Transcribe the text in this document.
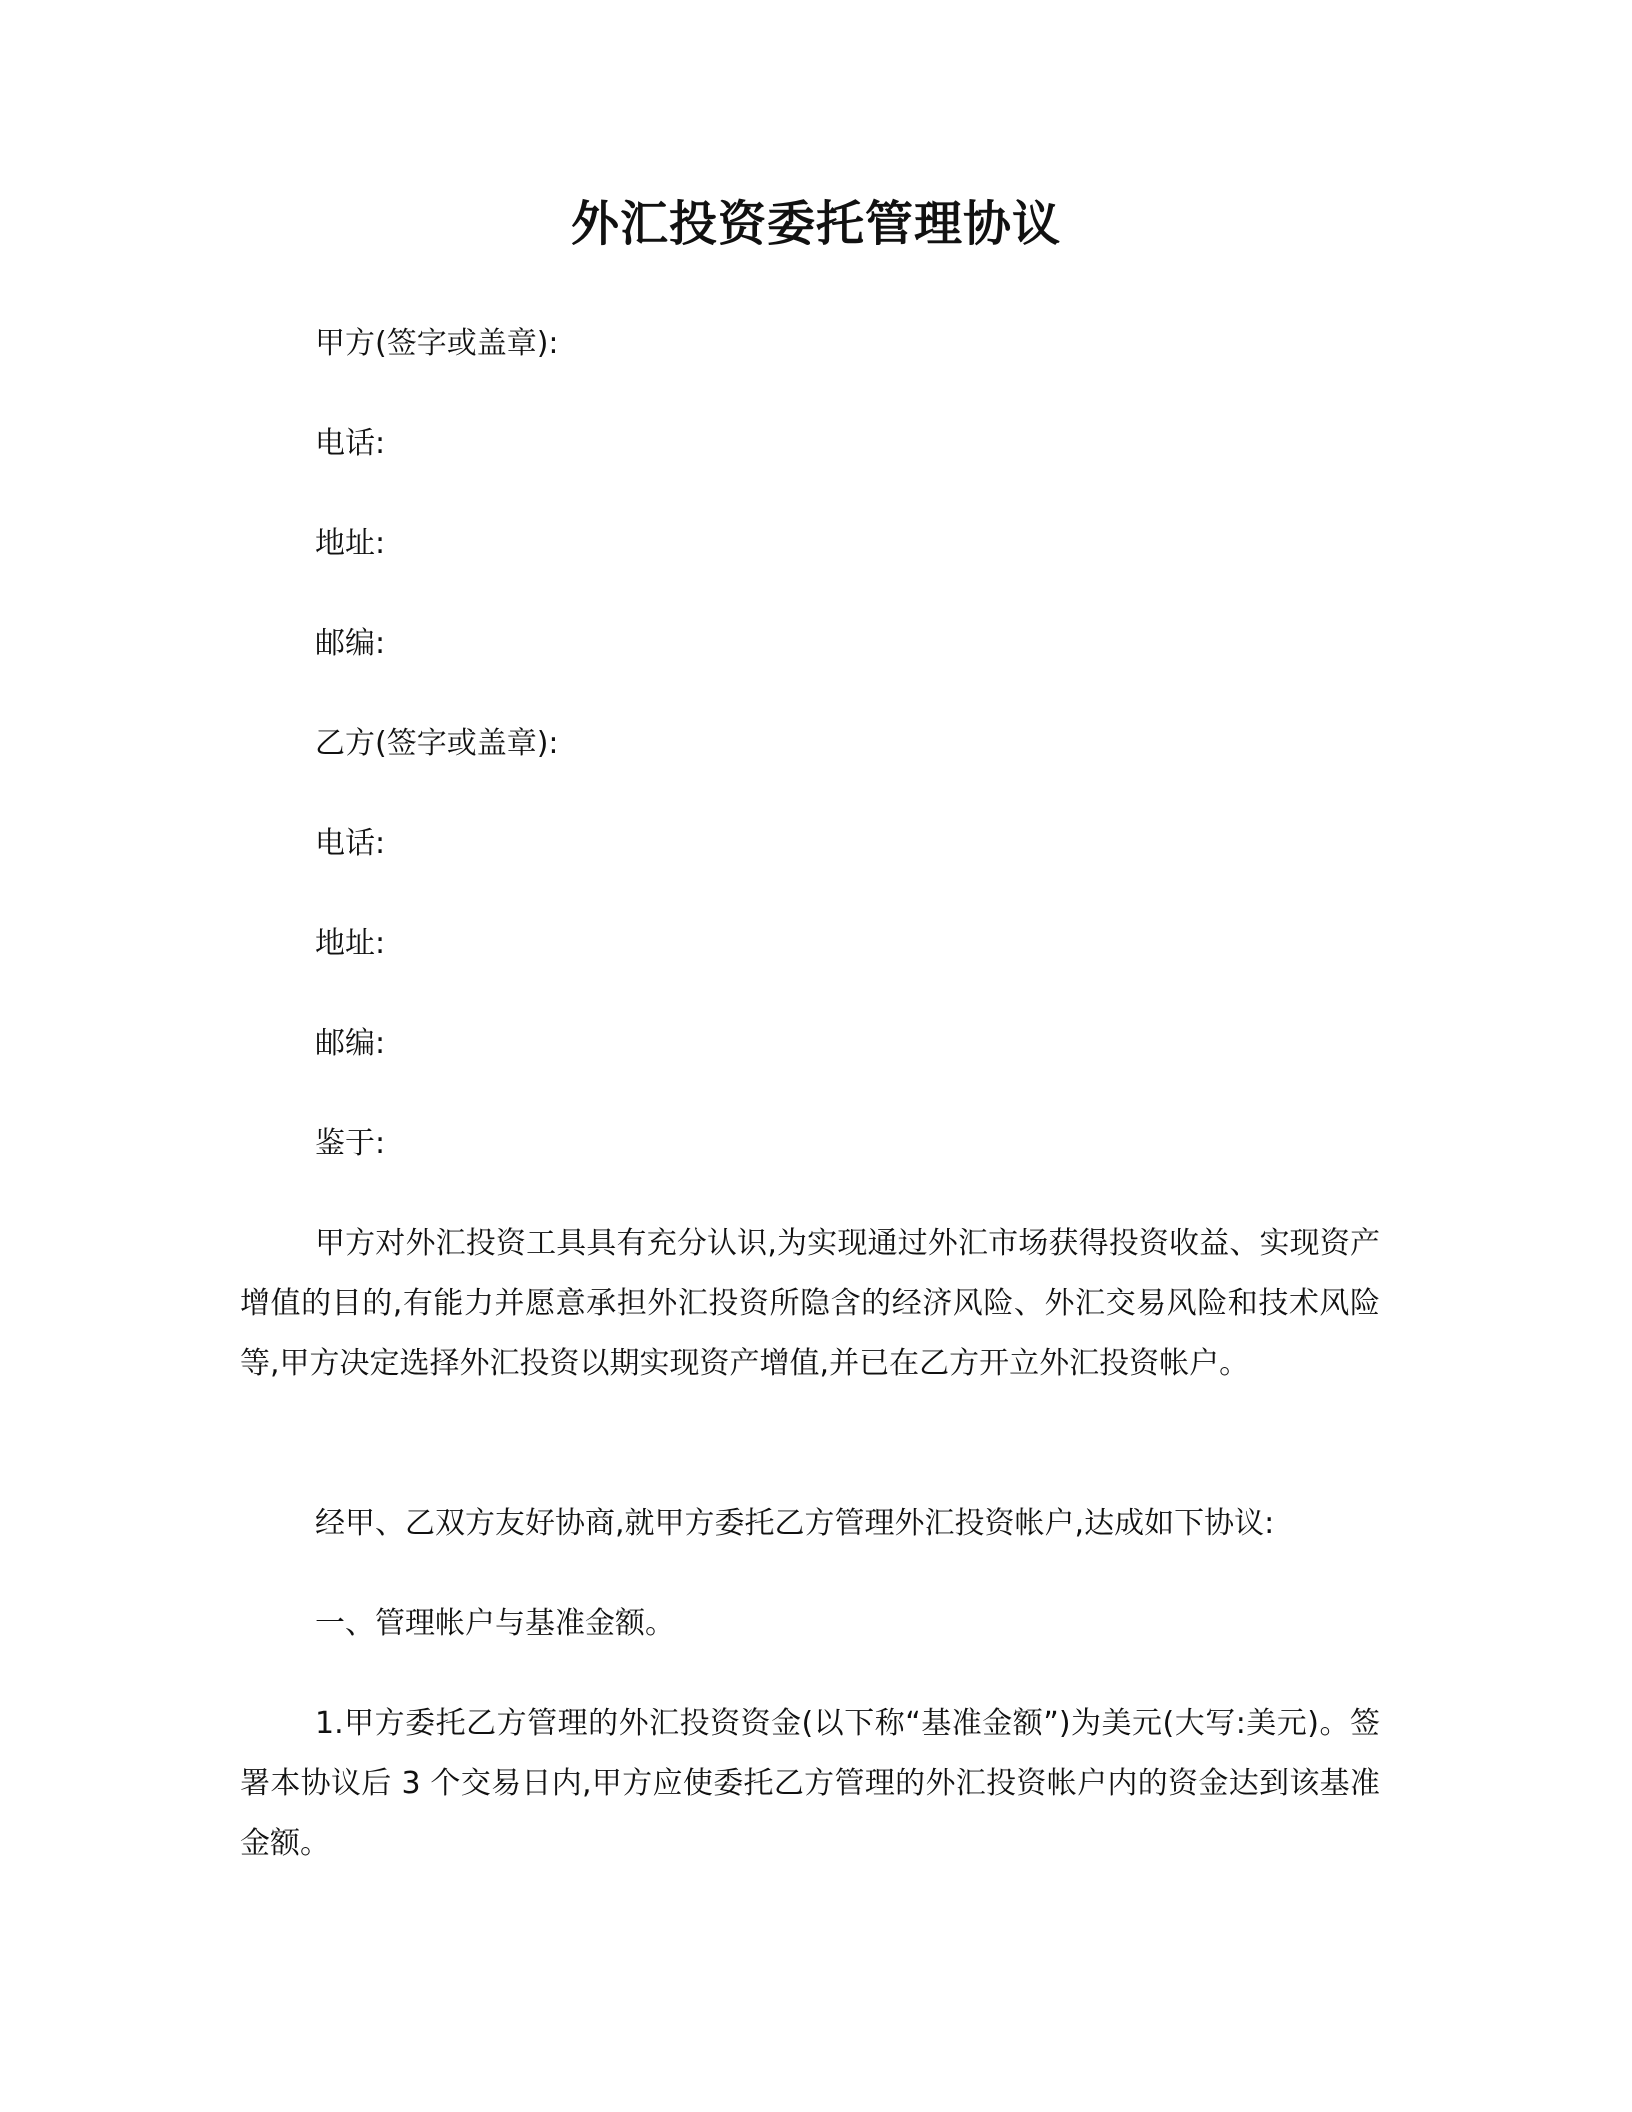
外汇投资委托管理协议
甲方(签字或盖章):
电话:
地址:
邮编:
乙方(签字或盖章):
电话:
地址:
邮编:
鉴于:
甲方对外汇投资工具具有充分认识,为实现通过外汇市场获得投资收益、实现资产增值的目的,有能力并愿意承担外汇投资所隐含的经济风险、外汇交易风险和技术风险等,甲方决定选择外汇投资以期实现资产增值,并已在乙方开立外汇投资帐户。
经甲、乙双方友好协商,就甲方委托乙方管理外汇投资帐户,达成如下协议:
一、管理帐户与基准金额。
1.甲方委托乙方管理的外汇投资资金(以下称“基准金额”)为美元(大写:美元)。签署本协议后 3 个交易日内,甲方应使委托乙方管理的外汇投资帐户内的资金达到该基准金额。
